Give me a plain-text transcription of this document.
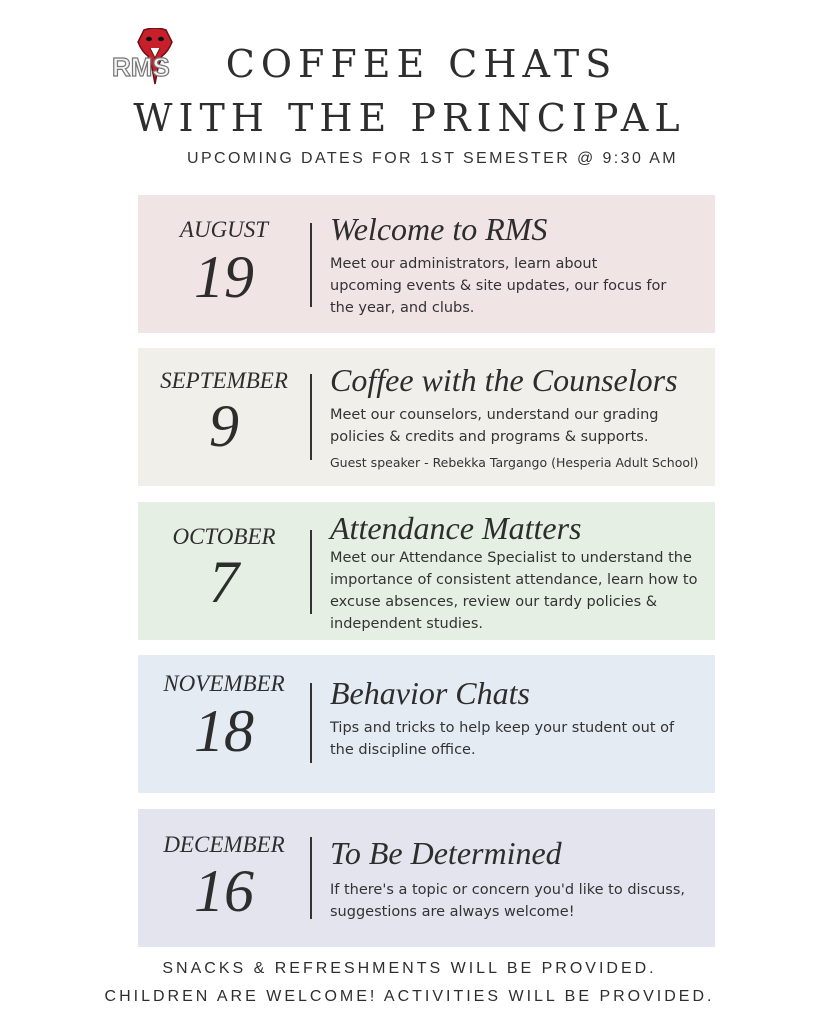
RMS	COFFEE CHATS
WITH THE PRINCIPAL
UPCOMING DATES FOR 1ST SEMESTER @ 9:30 AM
AUGUST
19
Welcome to RMS
Meet our administrators, learn about upcoming events & site updates, our focus for the year, and clubs.
SEPTEMBER
9
Coffee with the Counselors
Meet our counselors, understand our grading policies & credits and programs & supports.
Guest speaker - Rebekka Targango (Hesperia Adult School)
OCTOBER
7
Attendance Matters
Meet our Attendance Specialist to understand the importance of consistent attendance, learn how to excuse absences, review our tardy policies & independent studies.
NOVEMBER
18
Behavior Chats
Tips and tricks to help keep your student out of the discipline office.
DECEMBER
16
To Be Determined
If there's a topic or concern you'd like to discuss, suggestions are always welcome!
SNACKS & REFRESHMENTS WILL BE PROVIDED.
CHILDREN ARE WELCOME! ACTIVITIES WILL BE PROVIDED.
